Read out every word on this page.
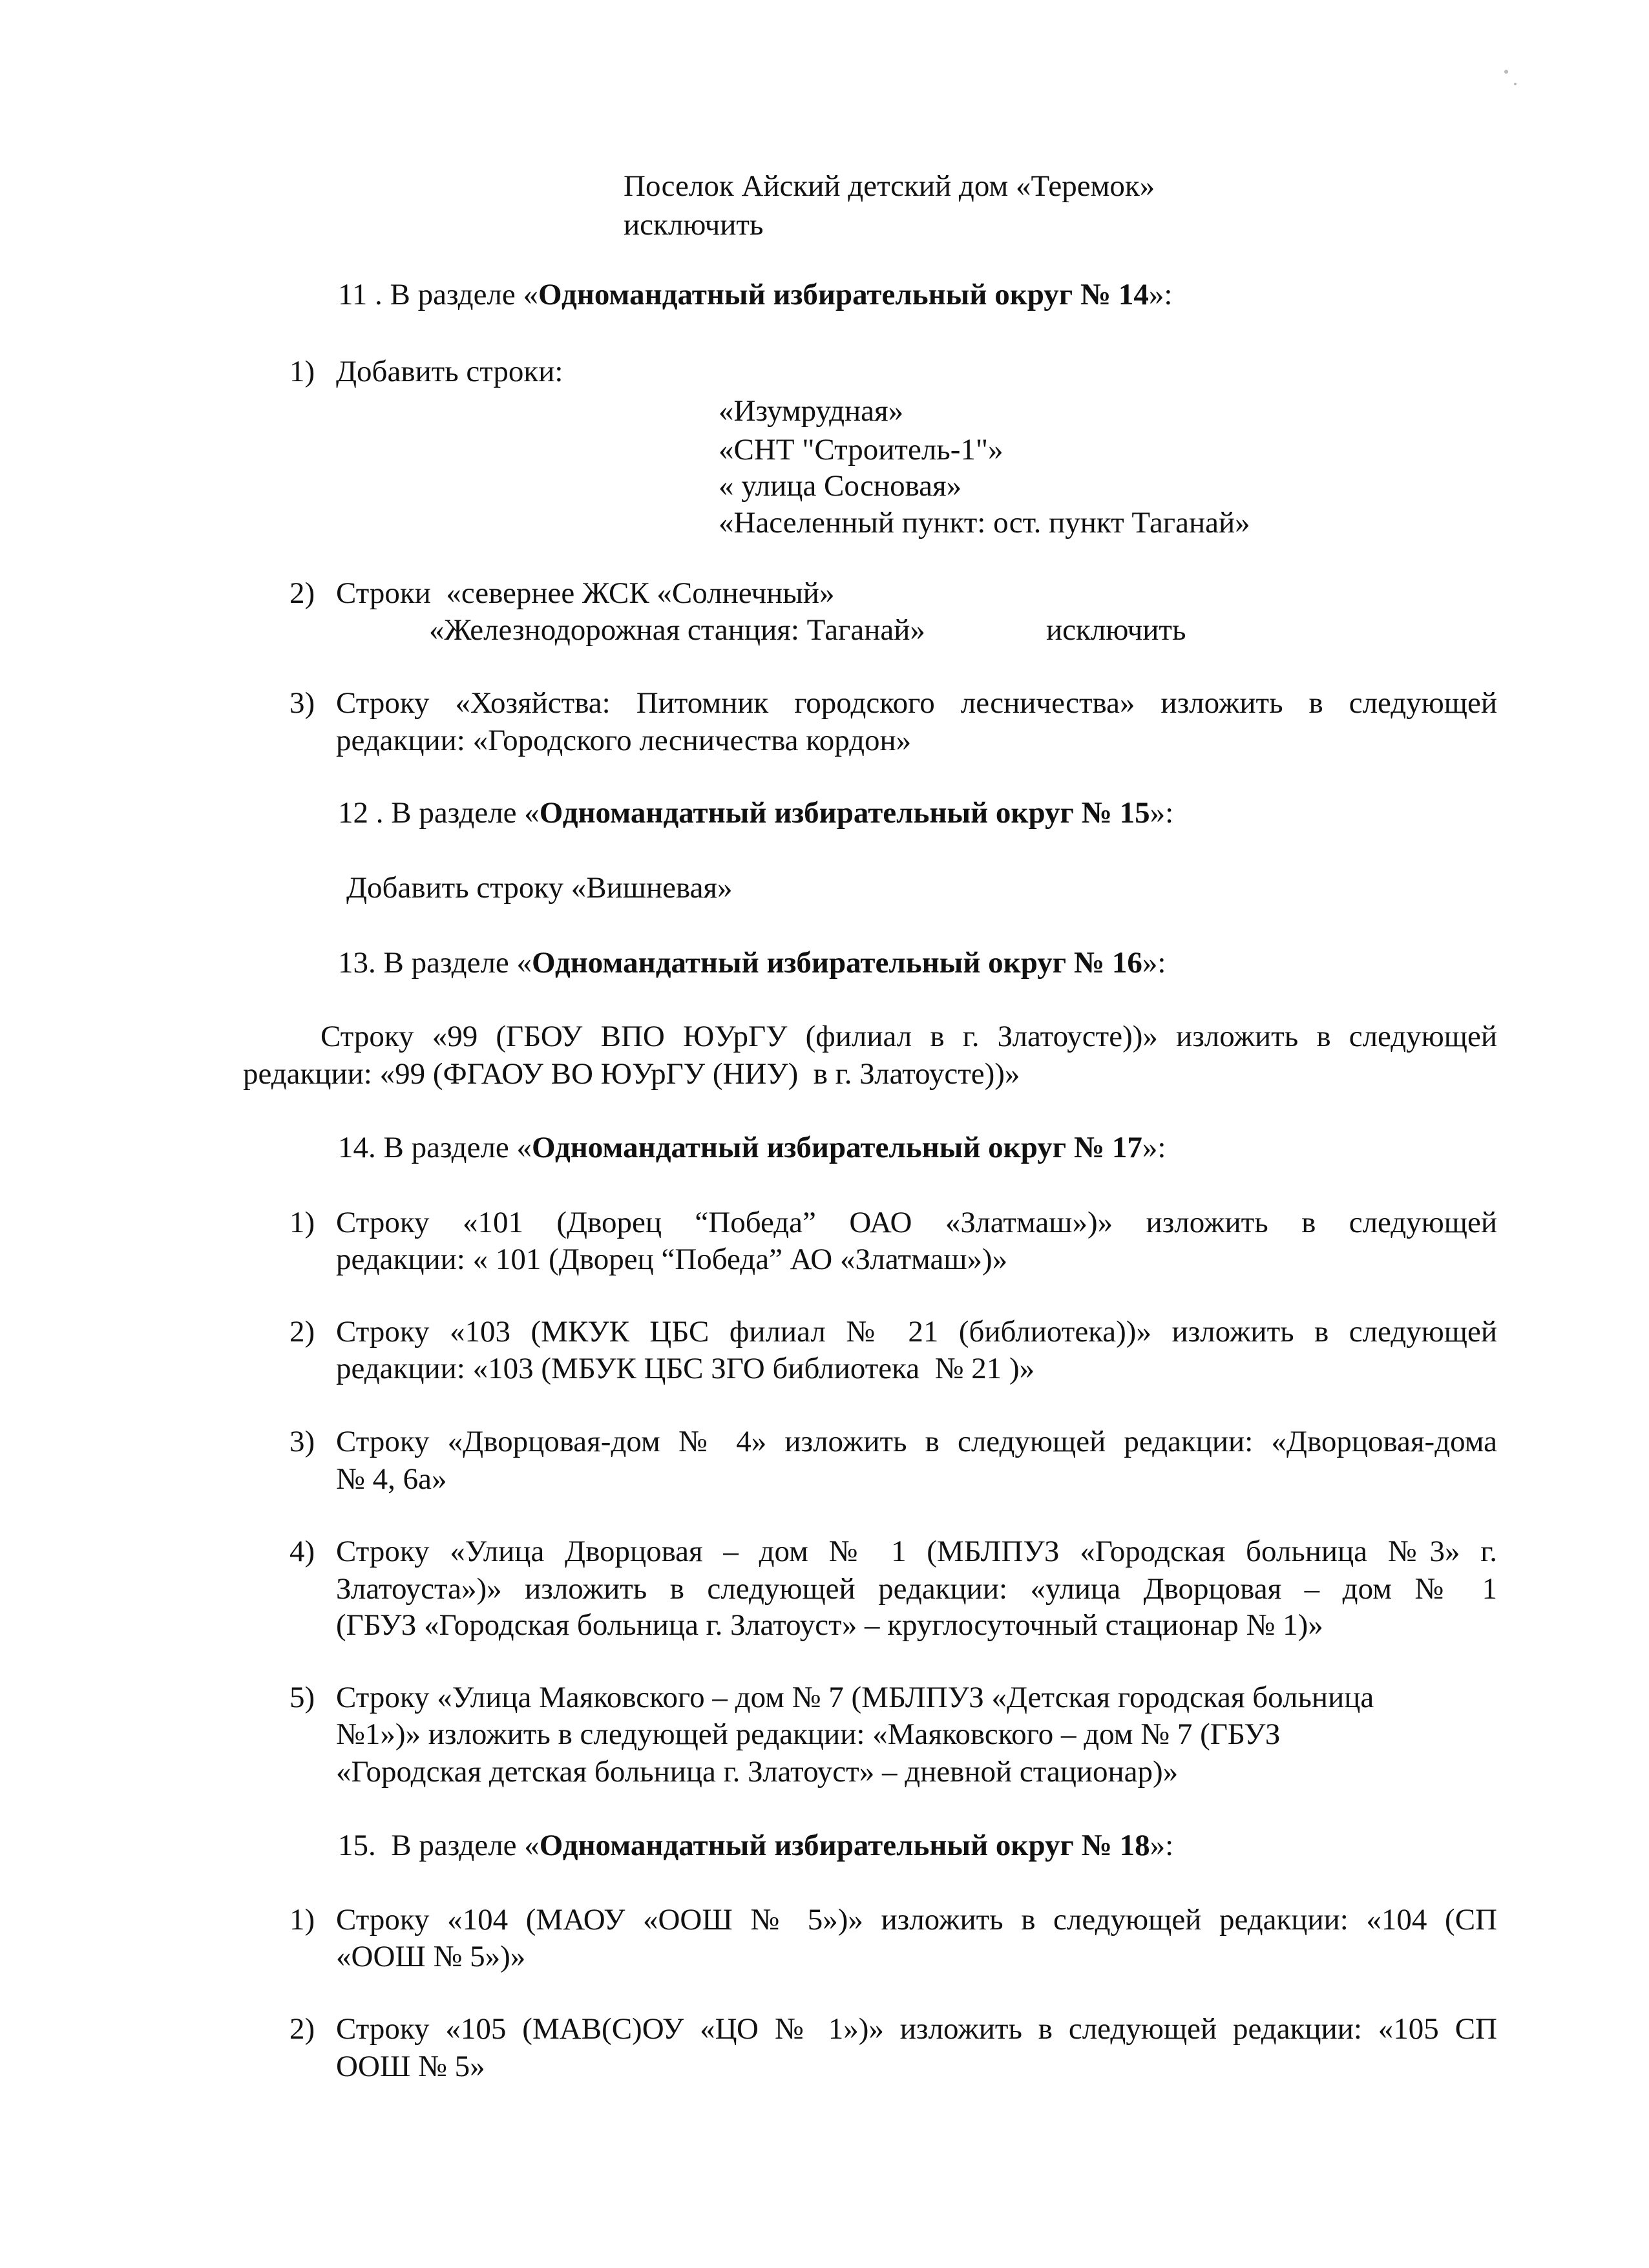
Поселок Айский детский дом «Теремок»
исключить
11 . В разделе «Одномандатный избирательный округ № 14»:
1) Добавить строки:
«Изумрудная»
«СНТ "Строитель-1"»
« улица Сосновая»
«Населенный пункт: ост. пункт Таганай»
2) Строки  «севернее ЖСК «Солнечный»
«Железнодорожная станция: Таганай»	исключить
3) Строку «Хозяйства: Питомник городского лесничества» изложить в следующей
редакции: «Городского лесничества кордон»
12 . В разделе «Одномандатный избирательный округ № 15»:
Добавить строку «Вишневая»
13. В разделе «Одномандатный избирательный округ № 16»:
Строку «99 (ГБОУ ВПО ЮУрГУ (филиал в г. Златоусте))» изложить в следующей
редакции: «99 (ФГАОУ ВО ЮУрГУ (НИУ)  в г. Златоусте))»
14. В разделе «Одномандатный избирательный округ № 17»:
1) Строку «101 (Дворец “Победа” ОАО «Златмаш»)» изложить в следующей
редакции: « 101 (Дворец “Победа” АО «Златмаш»)»
2) Строку «103 (МКУК ЦБС филиал № 21 (библиотека))» изложить в следующей
редакции: «103 (МБУК ЦБС ЗГО библиотека  № 21 )»
3) Строку «Дворцовая-дом № 4» изложить в следующей редакции: «Дворцовая-дома
№ 4, 6а»
4) Строку «Улица Дворцовая – дом № 1 (МБЛПУЗ «Городская больница №3» г.
Златоуста»)» изложить в следующей редакции: «улица Дворцовая – дом № 1
(ГБУЗ «Городская больница г. Златоуст» – круглосуточный стационар № 1)»
5) Строку «Улица Маяковского – дом № 7 (МБЛПУЗ «Детская городская больница
№1»)» изложить в следующей редакции: «Маяковского – дом № 7 (ГБУЗ
«Городская детская больница г. Златоуст» – дневной стационар)»
15.  В разделе «Одномандатный избирательный округ № 18»:
1) Строку «104 (МАОУ «ООШ № 5»)» изложить в следующей редакции: «104 (СП
«ООШ № 5»)»
2) Строку «105 (МАВ(С)ОУ «ЦО № 1»)» изложить в следующей редакции: «105 СП
ООШ № 5»
